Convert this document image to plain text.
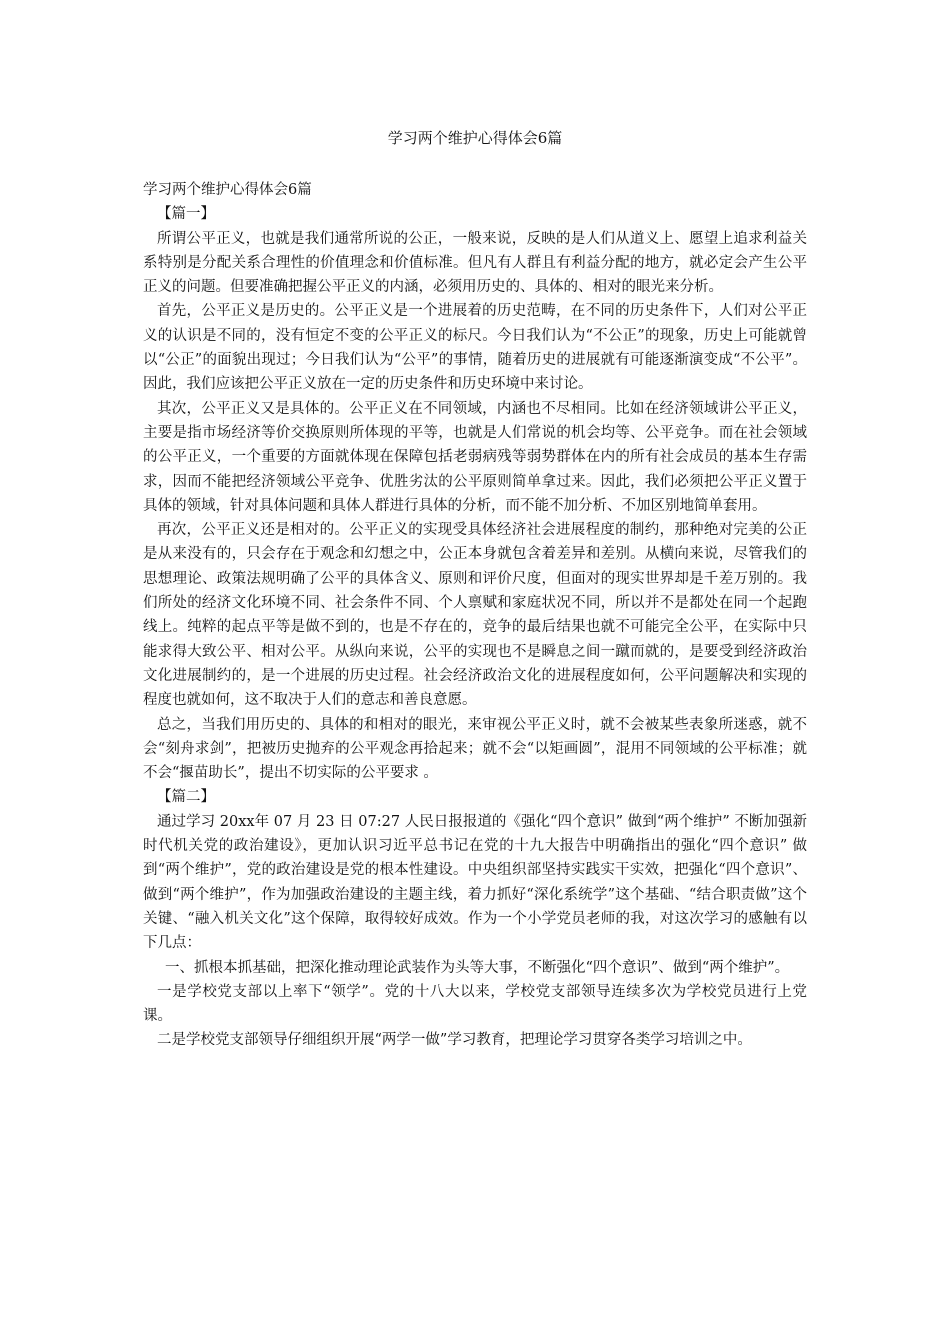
学习两个维护心得体会6篇

学习两个维护心得体会6篇

【篇一】

所谓公平正义，也就是我们通常所说的公正，一般来说，反映的是人们从道义上、愿望上追求利益关系特别是分配关系合理性的价值理念和价值标准。但凡有人群且有利益分配的地方，就必定会产生公平正义的问题。但要准确把握公平正义的内涵，必须用历史的、具体的、相对的眼光来分析。

首先，公平正义是历史的。公平正义是一个进展着的历史范畴，在不同的历史条件下，人们对公平正义的认识是不同的，没有恒定不变的公平正义的标尺。今日我们认为“不公正”的现象，历史上可能就曾以“公正”的面貌出现过；今日我们认为“公平”的事情，随着历史的进展就有可能逐渐演变成“不公平”。因此，我们应该把公平正义放在一定的历史条件和历史环境中来讨论。

其次，公平正义又是具体的。公平正义在不同领域，内涵也不尽相同。比如在经济领域讲公平正义，主要是指市场经济等价交换原则所体现的平等，也就是人们常说的机会均等、公平竞争。而在社会领域的公平正义，一个重要的方面就体现在保障包括老弱病残等弱势群体在内的所有社会成员的基本生存需求，因而不能把经济领域公平竞争、优胜劣汰的公平原则简单拿过来。因此，我们必须把公平正义置于具体的领域，针对具体问题和具体人群进行具体的分析，而不能不加分析、不加区别地简单套用。

再次，公平正义还是相对的。公平正义的实现受具体经济社会进展程度的制约，那种绝对完美的公正是从来没有的，只会存在于观念和幻想之中，公正本身就包含着差异和差别。从横向来说，尽管我们的思想理论、政策法规明确了公平的具体含义、原则和评价尺度，但面对的现实世界却是千差万别的。我们所处的经济文化环境不同、社会条件不同、个人禀赋和家庭状况不同，所以并不是都处在同一个起跑线上。纯粹的起点平等是做不到的，也是不存在的，竞争的最后结果也就不可能完全公平，在实际中只能求得大致公平、相对公平。从纵向来说，公平的实现也不是瞬息之间一蹴而就的，是要受到经济政治文化进展制约的，是一个进展的历史过程。社会经济政治文化的进展程度如何，公平问题解决和实现的程度也就如何，这不取决于人们的意志和善良意愿。

总之，当我们用历史的、具体的和相对的眼光，来审视公平正义时，就不会被某些表象所迷惑，就不会“刻舟求剑”，把被历史抛弃的公平观念再拾起来；就不会“以矩画圆”，混用不同领域的公平标准；就不会“揠苗助长”，提出不切实际的公平要求 。

【篇二】

通过学习 20xx年 07 月 23 日 07:27 人民日报报道的《强化“四个意识” 做到“两个维护” 不断加强新时代机关党的政治建设》，更加认识习近平总书记在党的十九大报告中明确指出的强化“四个意识” 做到“两个维护”，党的政治建设是党的根本性建设。中央组织部坚持实践实干实效，把强化“四个意识”、做到“两个维护”，作为加强政治建设的主题主线，着力抓好“深化系统学”这个基础、“结合职责做”这个关键、“融入机关文化”这个保障，取得较好成效。作为一个小学党员老师的我，对这次学习的感触有以下几点：

一、抓根本抓基础，把深化推动理论武装作为头等大事，不断强化“四个意识”、做到“两个维护”。

一是学校党支部以上率下“领学”。党的十八大以来，学校党支部领导连续多次为学校党员进行上党课。

二是学校党支部领导仔细组织开展“两学一做”学习教育，把理论学习贯穿各类学习培训之中。
